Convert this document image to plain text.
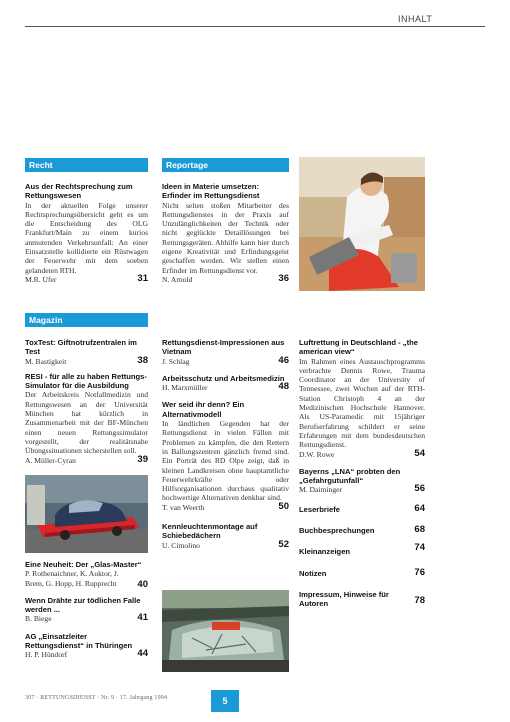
INHALT
Recht	Reportage
Magazin
Aus der Rechtsprechung zum Rettungswesen
In der aktuellen Folge unserer Rechtsprechungsübersicht geht es um die Entscheidung des OLG Frankfurt/Main zu einem kurios anmutenden Verkehrsunfall: An einer Einsatzstelle kollidierte ein Rüstwagen der Feuerwehr mit dem soeben gelandeten RTH.
M.R. Ufer	31
Ideen in Materie umsetzen: Erfinder im Rettungsdienst
Nicht selten stoßen Mitarbeiter des Rettungsdienstes in der Praxis auf Unzulänglichkeiten der Technik oder nicht geglückte Detaillösungen bei Rettungsgeräten. Abhilfe kann hier durch eigene Kreativität und Erfindungsgeist geschaffen werden. Wir stellen einen Erfinder im Rettungsdienst vor.
N. Arnold	36
ToxTest: Giftnotrufzentralen im Test
M. Bastigkeit	38
RESI - für alle zu haben Rettungs-Simulator für die Ausbildung
Der Arbeitskreis Notfallmedizin und Rettungswesen an der Universität München hat kürzlich in Zusammenarbeit mit der BF-München einen neuen Rettungssimulator vorgestellt, der realitätsnahe Übungssituationen sicherstellen soll.
A. Müller-Cyran	39
Eine Neuheit: Der „Glas-Master“
P. Rothenaichner, K. Auktor, J. Brem, G. Hopp, H. Rupprecht	40
Wenn Drähte zur tödlichen Falle werden ...
B. Biege	41
AG „Einsatzleiter Rettungsdienst“ in Thüringen
H. P. Hündorf	44
Rettungsdienst-Impressionen aus Vietnam
J. Schlag	46
Arbeitsschutz und Arbeitsmedizin
H. Marxmüller	48
Wer seid ihr denn? Ein Alternativmodell
In ländlichen Gegenden hat der Rettungsdienst in vielen Fällen mit Problemen zu kämpfen, die den Rettern in Ballungszentren gänzlich fremd sind. Ein Porträt des RD Olpe zeigt, daß in kleinen Landkreisen ohne hauptamtliche Feuerwehrkräfte oder Hilfsorganisationen durchaus qualitativ hochwertige Alternativen denkbar sind.
T. van Weerth	50
Kennleuchtenmontage auf Schiebedächern
U. Cimolino	52
Luftrettung in Deutschland - „the american view“
Im Rahmen eines Austauschprogramms verbrachte Dennis Rowe, Trauma Coordinator an der University of Tennessee, zwei Wochen auf der RTH-Station Christoph 4 an der Medizinischen Hochschule Hannover. Als US-Paramedic mit 15jähriger Berufserfahrung schildert er seine Erfahrungen mit dem bundesdeutschen Rettungsdienst.
D.W. Rowe	54
Bayerns „LNA“ probten den „Gefahrgutunfall“
M. Daiminger	56
Leserbriefe	64
Buchbesprechungen	68
Kleinanzeigen	74
Notizen	76
Impressum, Hinweise für Autoren	78
307 · RETTUNGSDIENST · Nr. 9 · 17. Jahrgang 1994	5
